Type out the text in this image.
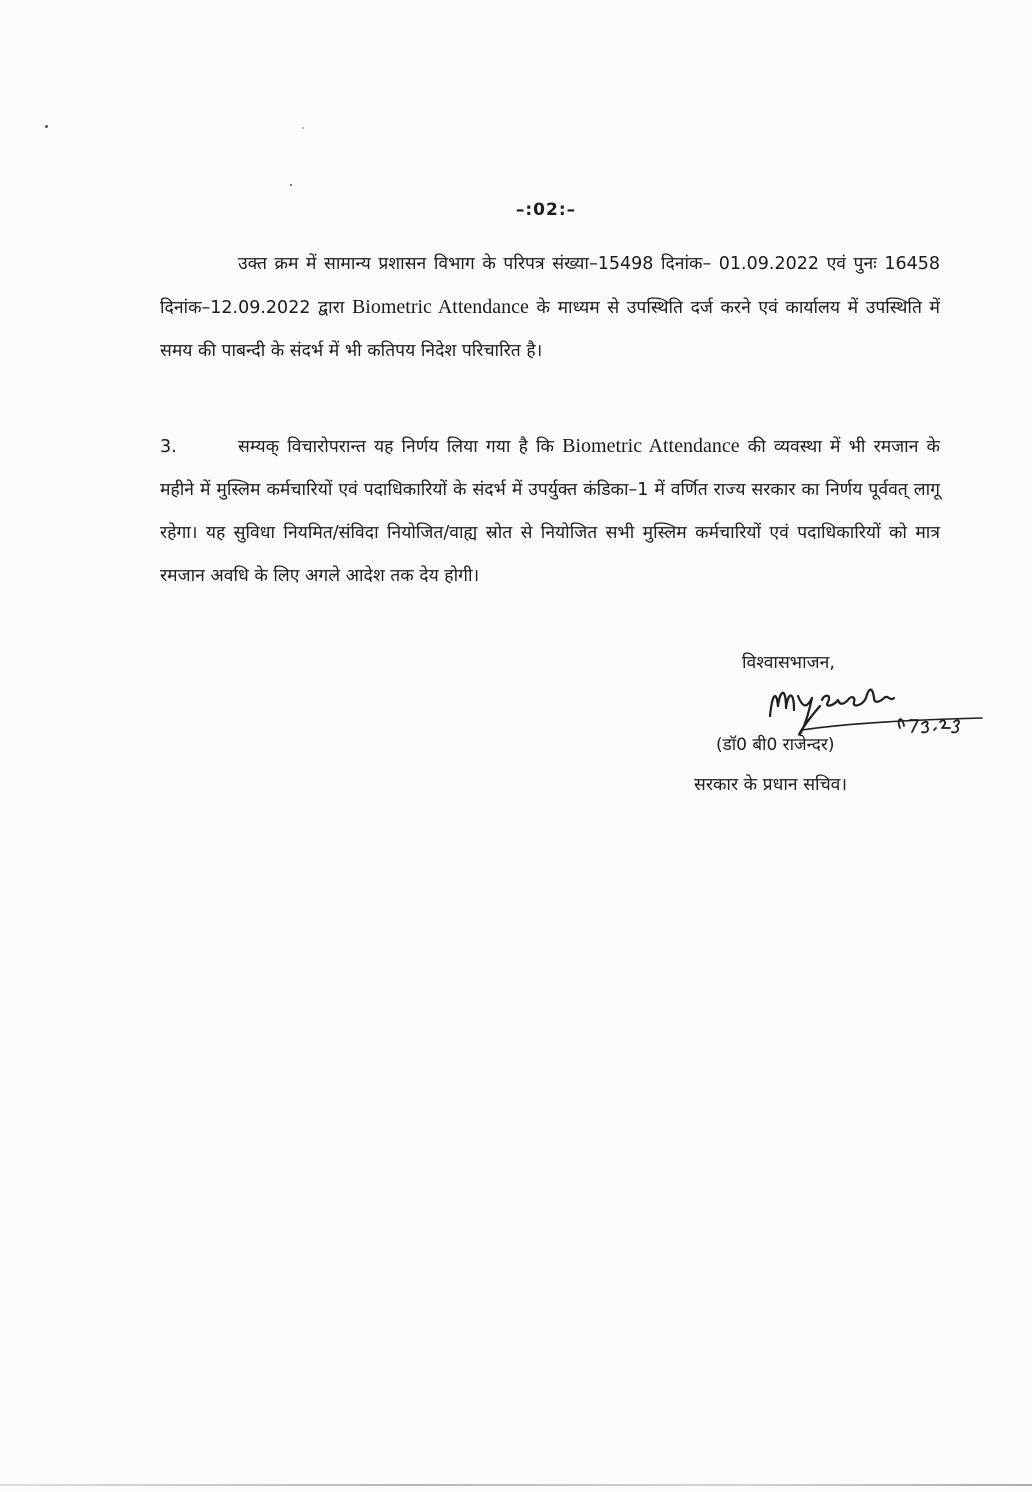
–:02:–

उक्त क्रम में सामान्य प्रशासन विभाग के परिपत्र संख्या–15498 दिनांक– 01.09.2022 एवं पुनः 16458 दिनांक–12.09.2022 द्वारा Biometric Attendance के माध्यम से उपस्थिति दर्ज करने एवं कार्यालय में उपस्थिति में समय की पाबन्दी के संदर्भ में भी कतिपय निदेश परिचारित है।

3.	सम्यक् विचारोपरान्त यह निर्णय लिया गया है कि Biometric Attendance की व्यवस्था में भी रमजान के महीने में मुस्लिम कर्मचारियों एवं पदाधिकारियों के संदर्भ में उपर्युक्त कंडिका–1 में वर्णित राज्य सरकार का निर्णय पूर्ववत् लागू रहेगा। यह सुविधा नियमित/संविदा नियोजित/वाह्य स्रोत से नियोजित सभी मुस्लिम कर्मचारियों एवं पदाधिकारियों को मात्र रमजान अवधि के लिए अगले आदेश तक देय होगी।

विश्वासभाजन,
(डॉ0 बी0 राजेन्दर)
सरकार के प्रधान सचिव।
